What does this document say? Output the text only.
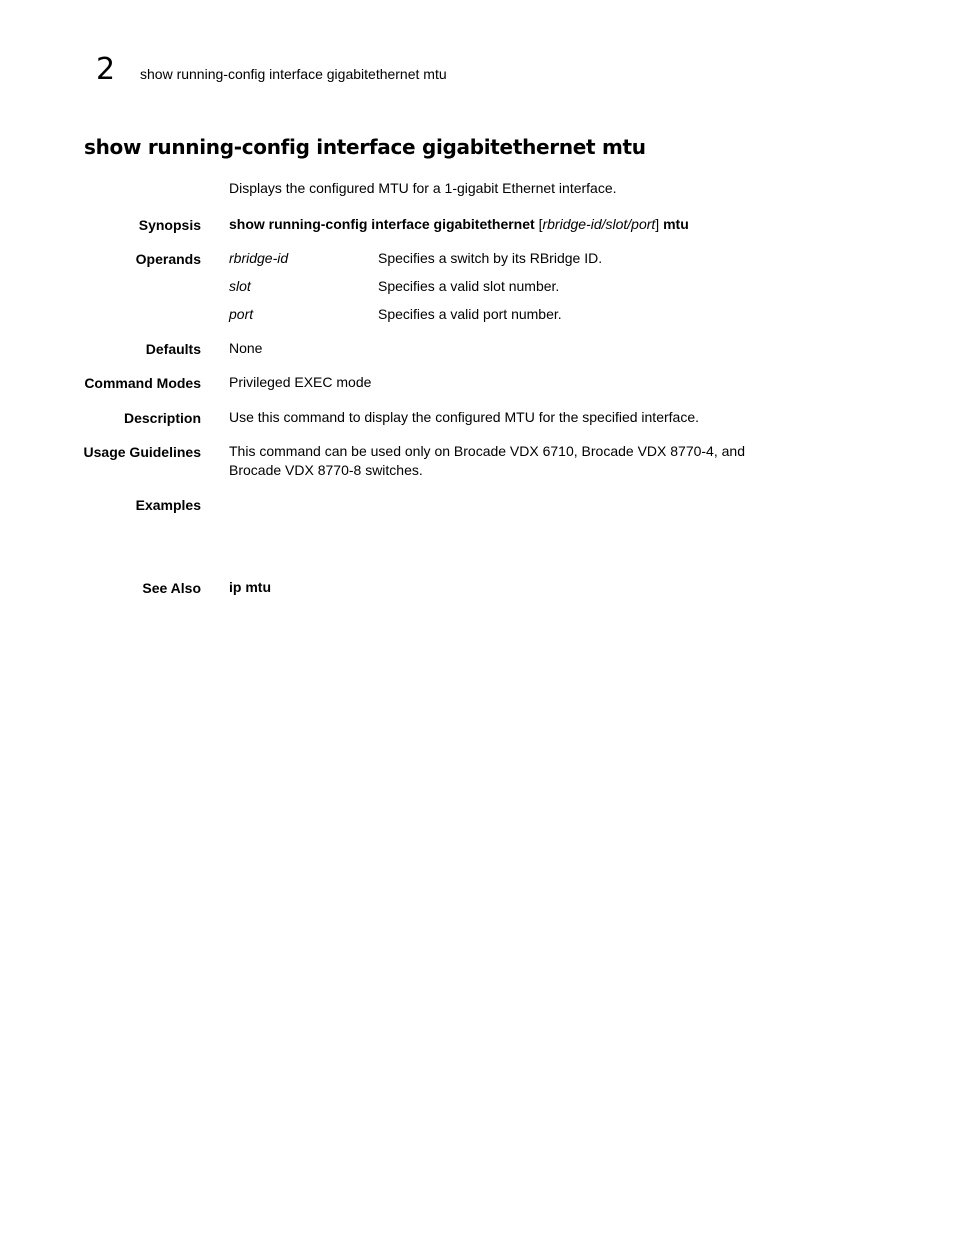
2 show running-config interface gigabitethernet mtu
show running-config interface gigabitethernet mtu
Displays the configured MTU for a 1-gigabit Ethernet interface.
Synopsis show running-config interface gigabitethernet [rbridge-id/slot/port] mtu
Operands rbridge-id	Specifies a switch by its RBridge ID.
slot	Specifies a valid slot number.
port	Specifies a valid port number.
Defaults None
Command Modes Privileged EXEC mode
Description Use this command to display the configured MTU for the specified interface.
Usage Guidelines This command can be used only on Brocade VDX 6710, Brocade VDX 8770-4, and Brocade VDX 8770-8 switches.
Examples
See Also ip mtu
